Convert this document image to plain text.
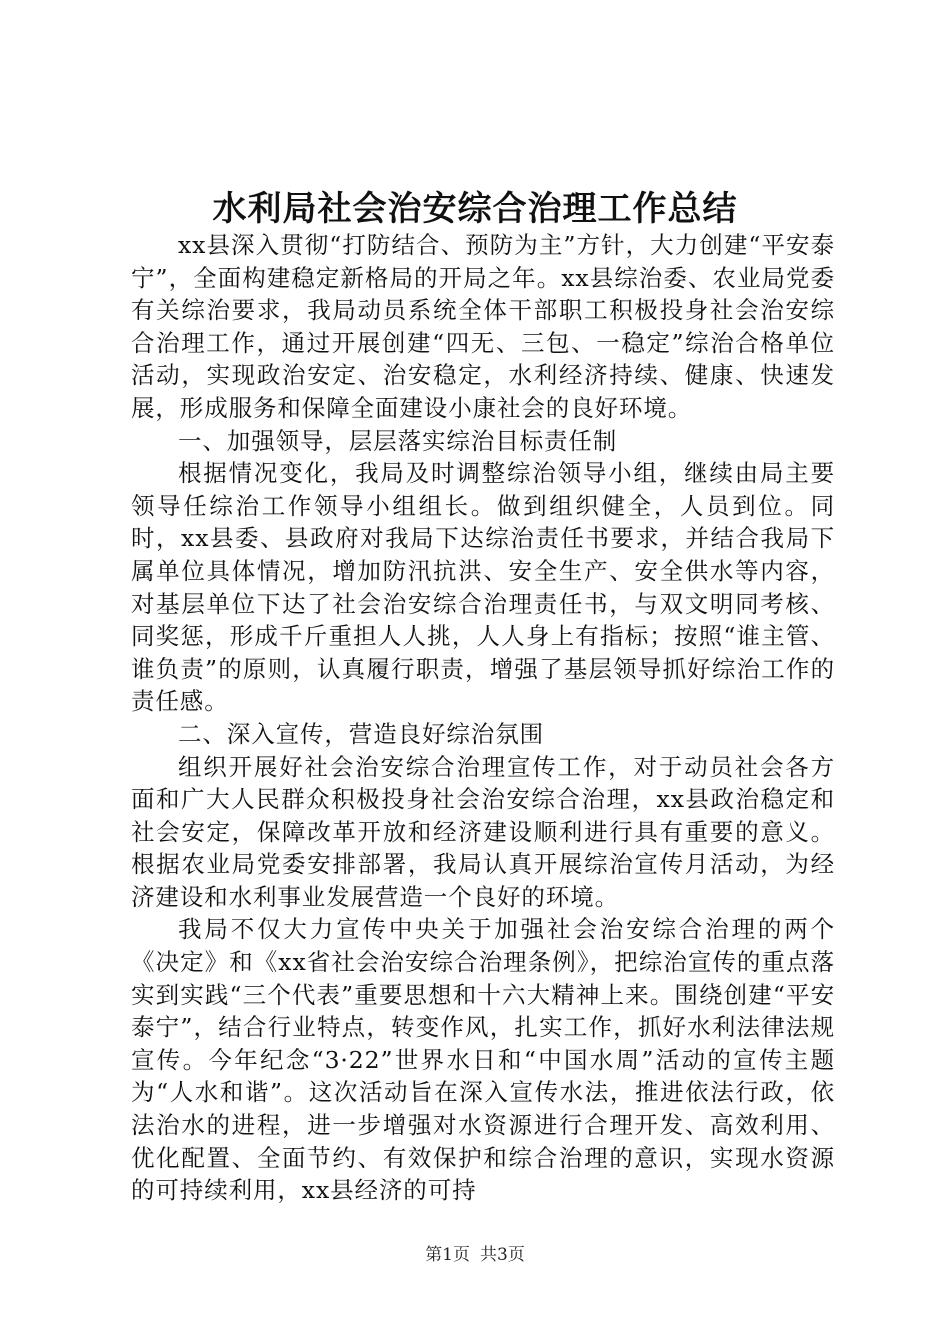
水利局社会治安综合治理工作总结

xx县深入贯彻“打防结合、预防为主”方针，大力创建“平安泰宁”，全面构建稳定新格局的开局之年。xx县综治委、农业局党委有关综治要求，我局动员系统全体干部职工积极投身社会治安综合治理工作，通过开展创建“四无、三包、一稳定”综治合格单位活动，实现政治安定、治安稳定，水利经济持续、健康、快速发展，形成服务和保障全面建设小康社会的良好环境。

一、加强领导，层层落实综治目标责任制

根据情况变化，我局及时调整综治领导小组，继续由局主要领导任综治工作领导小组组长。做到组织健全，人员到位。同时，xx县委、县政府对我局下达综治责任书要求，并结合我局下属单位具体情况，增加防汛抗洪、安全生产、安全供水等内容，对基层单位下达了社会治安综合治理责任书，与双文明同考核、同奖惩，形成千斤重担人人挑，人人身上有指标；按照“谁主管、谁负责”的原则，认真履行职责，增强了基层领导抓好综治工作的责任感。

二、深入宣传，营造良好综治氛围

组织开展好社会治安综合治理宣传工作，对于动员社会各方面和广大人民群众积极投身社会治安综合治理，xx县政治稳定和社会安定，保障改革开放和经济建设顺利进行具有重要的意义。根据农业局党委安排部署，我局认真开展综治宣传月活动，为经济建设和水利事业发展营造一个良好的环境。

我局不仅大力宣传中央关于加强社会治安综合治理的两个《决定》和《xx省社会治安综合治理条例》，把综治宣传的重点落实到实践“三个代表”重要思想和十六大精神上来。围绕创建“平安泰宁”，结合行业特点，转变作风，扎实工作，抓好水利法律法规宣传。今年纪念“3·22”世界水日和“中国水周”活动的宣传主题为“人水和谐”。这次活动旨在深入宣传水法，推进依法行政，依法治水的进程，进一步增强对水资源进行合理开发、高效利用、优化配置、全面节约、有效保护和综合治理的意识，实现水资源的可持续利用，xx县经济的可持

第1页 共3页
